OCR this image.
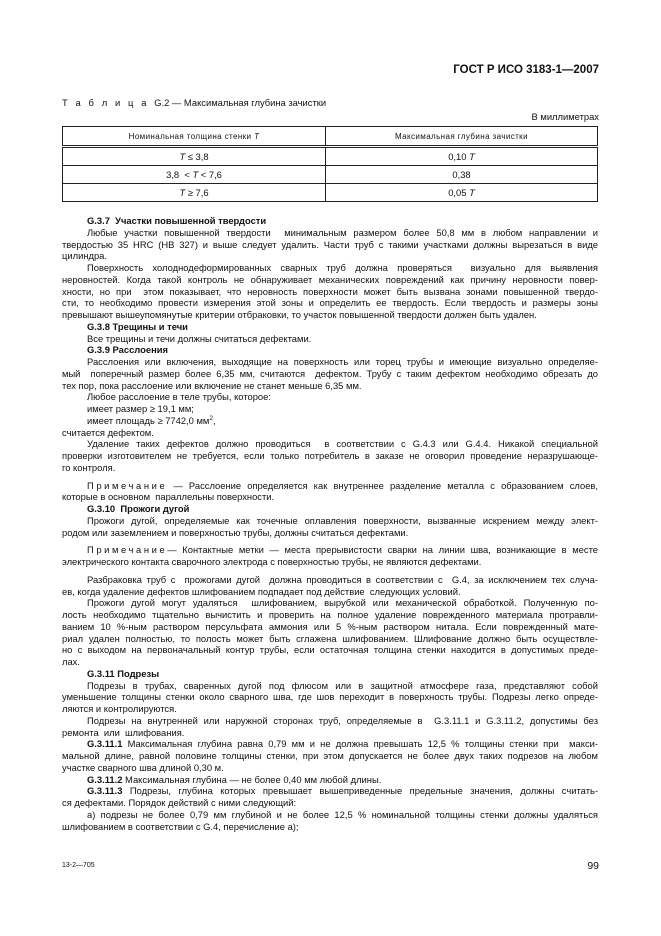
ГОСТ Р ИСО 3183-1—2007
Т а б л и ц а  G.2 — Максимальная глубина зачистки
В миллиметрах
Номинальная толщина стенки T	Максимальная глубина зачистки
T ≤ 3,8	0,10 T
3,8  < T < 7,6	0,38
T ≥ 7,6	0,05 T
G.3.7  Участки повышенной твердости
Любые участки повышенной твердости  минимальным размером более 50,8 мм в любом направлении и
твердостью 35 HRC (HB 327) и выше следует удалить. Части труб с такими участками должны вырезаться в виде
цилиндра.
Поверхность холоднодеформированных сварных труб должна проверяться  визуально для выявления
неровностей. Когда такой контроль не обнаруживает механических повреждений как причину неровности повер-
хности, но при  этом показывает, что неровность поверхности может быть вызвана зонами повышенной твердо-
сти, то необходимо провести измерения этой зоны и определить ее твердость. Если твердость и размеры зоны
превышают вышеупомянутые критерии отбраковки, то участок повышенной твердости должен быть удален.
G.3.8 Трещины и течи
Все трещины и течи должны считаться дефектами.
G.3.9 Расслоения
Расслоения или включения, выходящие на поверхность или торец трубы и имеющие визуально определяе-
мый  поперечный размер более 6,35 мм, считаются  дефектом. Трубу с таким дефектом необходимо обрезать до
тех пор, пока расслоение или включение не станет меньше 6,35 мм.
Любое расслоение в теле трубы, которое:
имеет размер ≥ 19,1 мм;
имеет площадь ≥ 7742,0 $мм^2$,
считается дефектом.
Удаление таких дефектов должно проводиться  в соответствии с G.4.3 или G.4.4. Никакой специальной
проверки изготовителем не требуется, если только потребитель в заказе не оговорил проведение неразрушающе-
го контроля.
Примечание — Расслоение определяется как внутреннее разделение металла с образованием слоев,
которые в основном  параллельны поверхности.
G.3.10  Прожоги дугой
Прожоги дугой, определяемые как точечные оплавления поверхности, вызванные искрением между элект-
родом или заземлением и поверхностью трубы, должны считаться дефектами.
Примечание— Контактные метки — места прерывистости сварки на линии шва, возникающие в месте
электрического контакта сварочного электрода с поверхностью трубы, не являются дефектами.
Разбраковка труб с  прожогами дугой  должна проводиться в соответствии с  G.4, за исключением тех случа-
ев, когда удаление дефектов шлифованием подпадает под действие  следующих условий.
Прожоги дугой могут удаляться  шлифованием, вырубкой или механической обработкой. Полученную по-
лость необходимо тщательно вычистить и проверить на полное удаление поврежденного материала протравли-
ванием 10 %-ным раствором персульфата аммония или 5 %-ным раствором нитала. Если поврежденный мате-
риал удален полностью, то полость может быть сглажена шлифованием. Шлифование должно быть осуществле-
но с выходом на первоначальный контур трубы, если остаточная толщина стенки находится в допустимых преде-
лах.
G.3.11 Подрезы
Подрезы в трубах, сваренных дугой под флюсом или в защитной атмосфере газа, представляют собой
уменьшение толщины стенки около сварного шва, где шов переходит в поверхность трубы. Подрезы легко опреде-
ляются и контролируются.
Подрезы на внутренней или наружной сторонах труб, определяемые в  G.3.11.1 и G.3.11.2, допустимы без
ремонта  или  шлифования.
G.3.11.1 Максимальная глубина равна 0,79 мм и не должна превышать 12,5 % толщины стенки при  макси-
мальной длине, равной половине толщины стенки, при этом допускается не более двух таких подрезов на любом
участке сварного шва длиной 0,30 м.
G.3.11.2 Максимальная глубина — не более 0,40 мм любой длины.
G.3.11.3 Подрезы, глубина которых превышает вышеприведенные предельные значения, должны считать-
ся дефектами. Порядок действий с ними следующий:
а) подрезы не более 0,79 мм глубиной и не более 12,5 % номинальной толщины стенки должны удаляться
шлифованием в соответствии с G.4, перечисление а);
13-2—705	99
